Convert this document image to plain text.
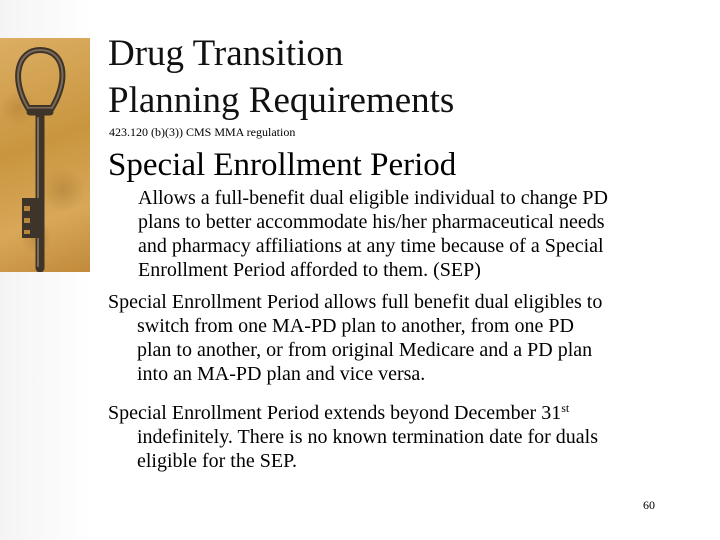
Drug Transition
Planning Requirements
423.120 (b)(3)) CMS MMA regulation
Special Enrollment Period
Allows a full-benefit dual eligible individual to change PD
plans to better accommodate his/her pharmaceutical needs
and pharmacy affiliations at any time because of a Special
Enrollment Period afforded to them. (SEP)
Special Enrollment Period allows full benefit dual eligibles to
switch from one MA-PD plan to another, from one PD
plan to another, or from original Medicare and a PD plan
into an MA-PD plan and vice versa.
Special Enrollment Period extends beyond December 31st
indefinitely. There is no known termination date for duals
eligible for the SEP.
60
